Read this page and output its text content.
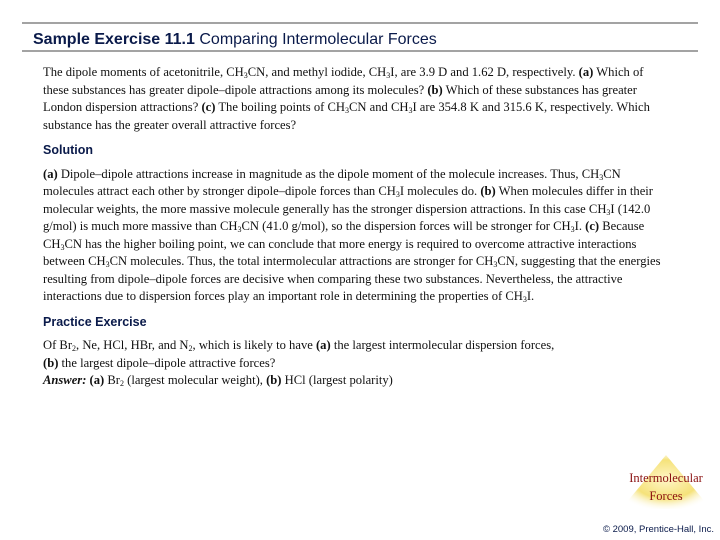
Sample Exercise 11.1 Comparing Intermolecular Forces

The dipole moments of acetonitrile, $CH_3CN$, and methyl iodide, $CH_3I$, are 3.9 D and 1.62 D, respectively. (a) Which of these substances has greater dipole–dipole attractions among its molecules? (b) Which of these substances has greater London dispersion attractions? (c) The boiling points of $CH_3CN$ and $CH_3I$ are 354.8 K and 315.6 K, respectively. Which substance has the greater overall attractive forces?

Solution

(a) Dipole–dipole attractions increase in magnitude as the dipole moment of the molecule increases. Thus, $CH_3CN$ molecules attract each other by stronger dipole–dipole forces than $CH_3I$ molecules do. (b) When molecules differ in their molecular weights, the more massive molecule generally has the stronger dispersion attractions. In this case $CH_3I$ (142.0 g/mol) is much more massive than $CH_3CN$ (41.0 g/mol), so the dispersion forces will be stronger for $CH_3I$. (c) Because $CH_3CN$ has the higher boiling point, we can conclude that more energy is required to overcome attractive interactions between $CH_3CN$ molecules. Thus, the total intermolecular attractions are stronger for $CH_3CN$, suggesting that the energies resulting from dipole–dipole forces are decisive when comparing these two substances. Nevertheless, the attractive interactions due to dispersion forces play an important role in determining the properties of $CH_3I$.

Practice Exercise

Of $Br_2$, Ne, HCl, HBr, and $N_2$, which is likely to have (a) the largest intermolecular dispersion forces,
(b) the largest dipole–dipole attractive forces?

Answer: (a) $Br_2$ (largest molecular weight), (b) HCl (largest polarity)

Intermolecular
Forces
© 2009, Prentice-Hall, Inc.
